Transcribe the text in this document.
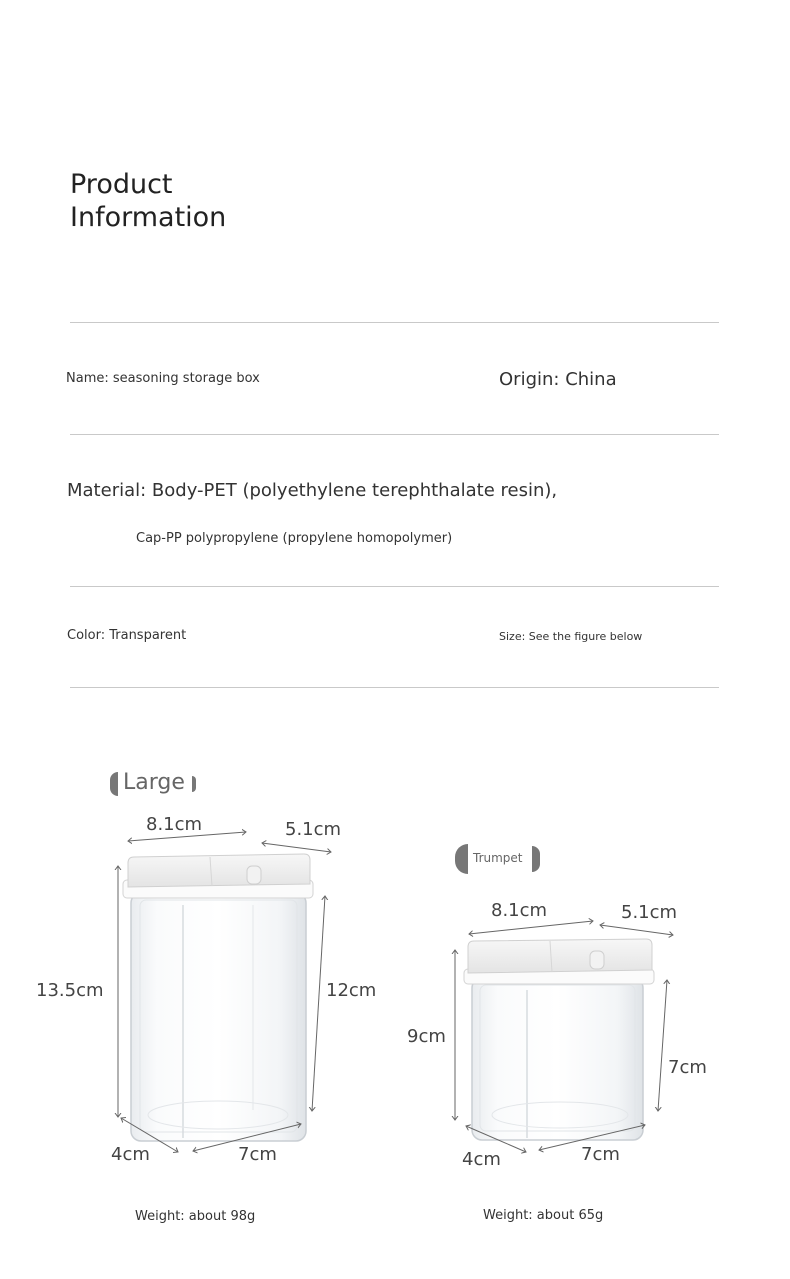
Product
Information
Name: seasoning storage box	Origin: China
Material: Body-PET (polyethylene terephthalate resin),
Cap-PP polypropylene (propylene homopolymer)
Color: Transparent	Size: See the figure below
Large
Trumpet
8.1cm	5.1cm
13.5cm	12cm
4cm	7cm
8.1cm	5.1cm
9cm
7cm
4cm	7cm
Weight: about 98g	Weight: about 65g
